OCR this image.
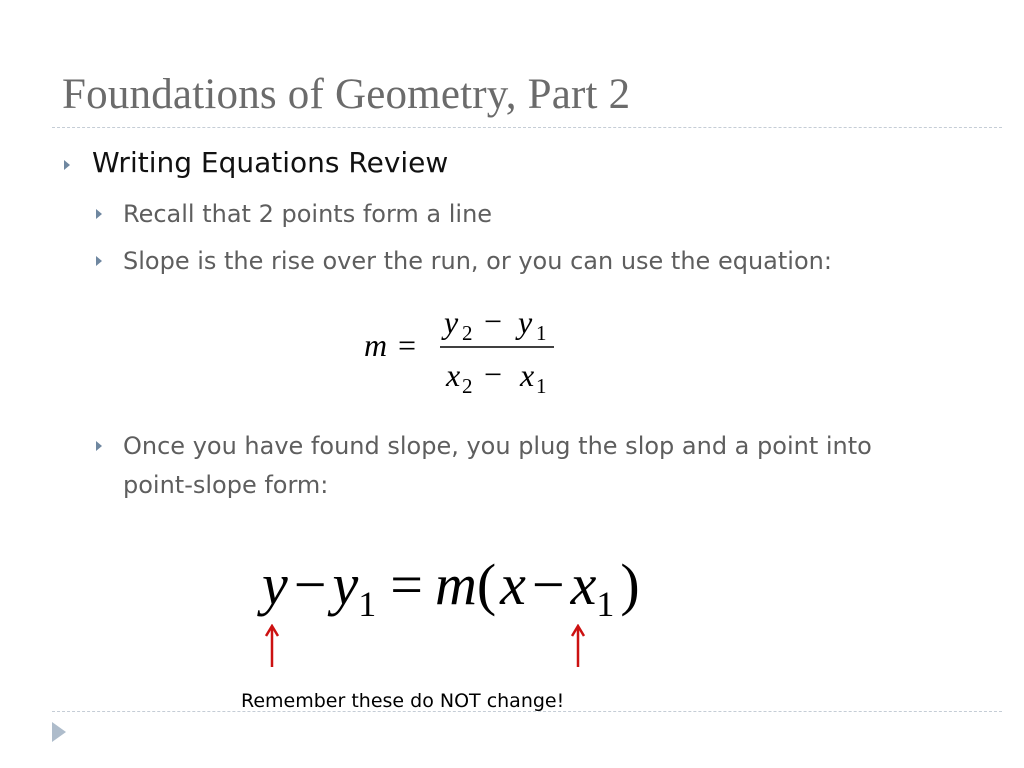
Foundations of Geometry, Part 2
Writing Equations Review
Recall that 2 points form a line
Slope is the rise over the run, or you can use the equation:
m =
y 2 − y 1
x 2 − x 1
Once you have found slope, you plug the slop and a point into
point-slope form:
$y - y_1 = m(x - x_1$ )
Remember these do NOT change!
